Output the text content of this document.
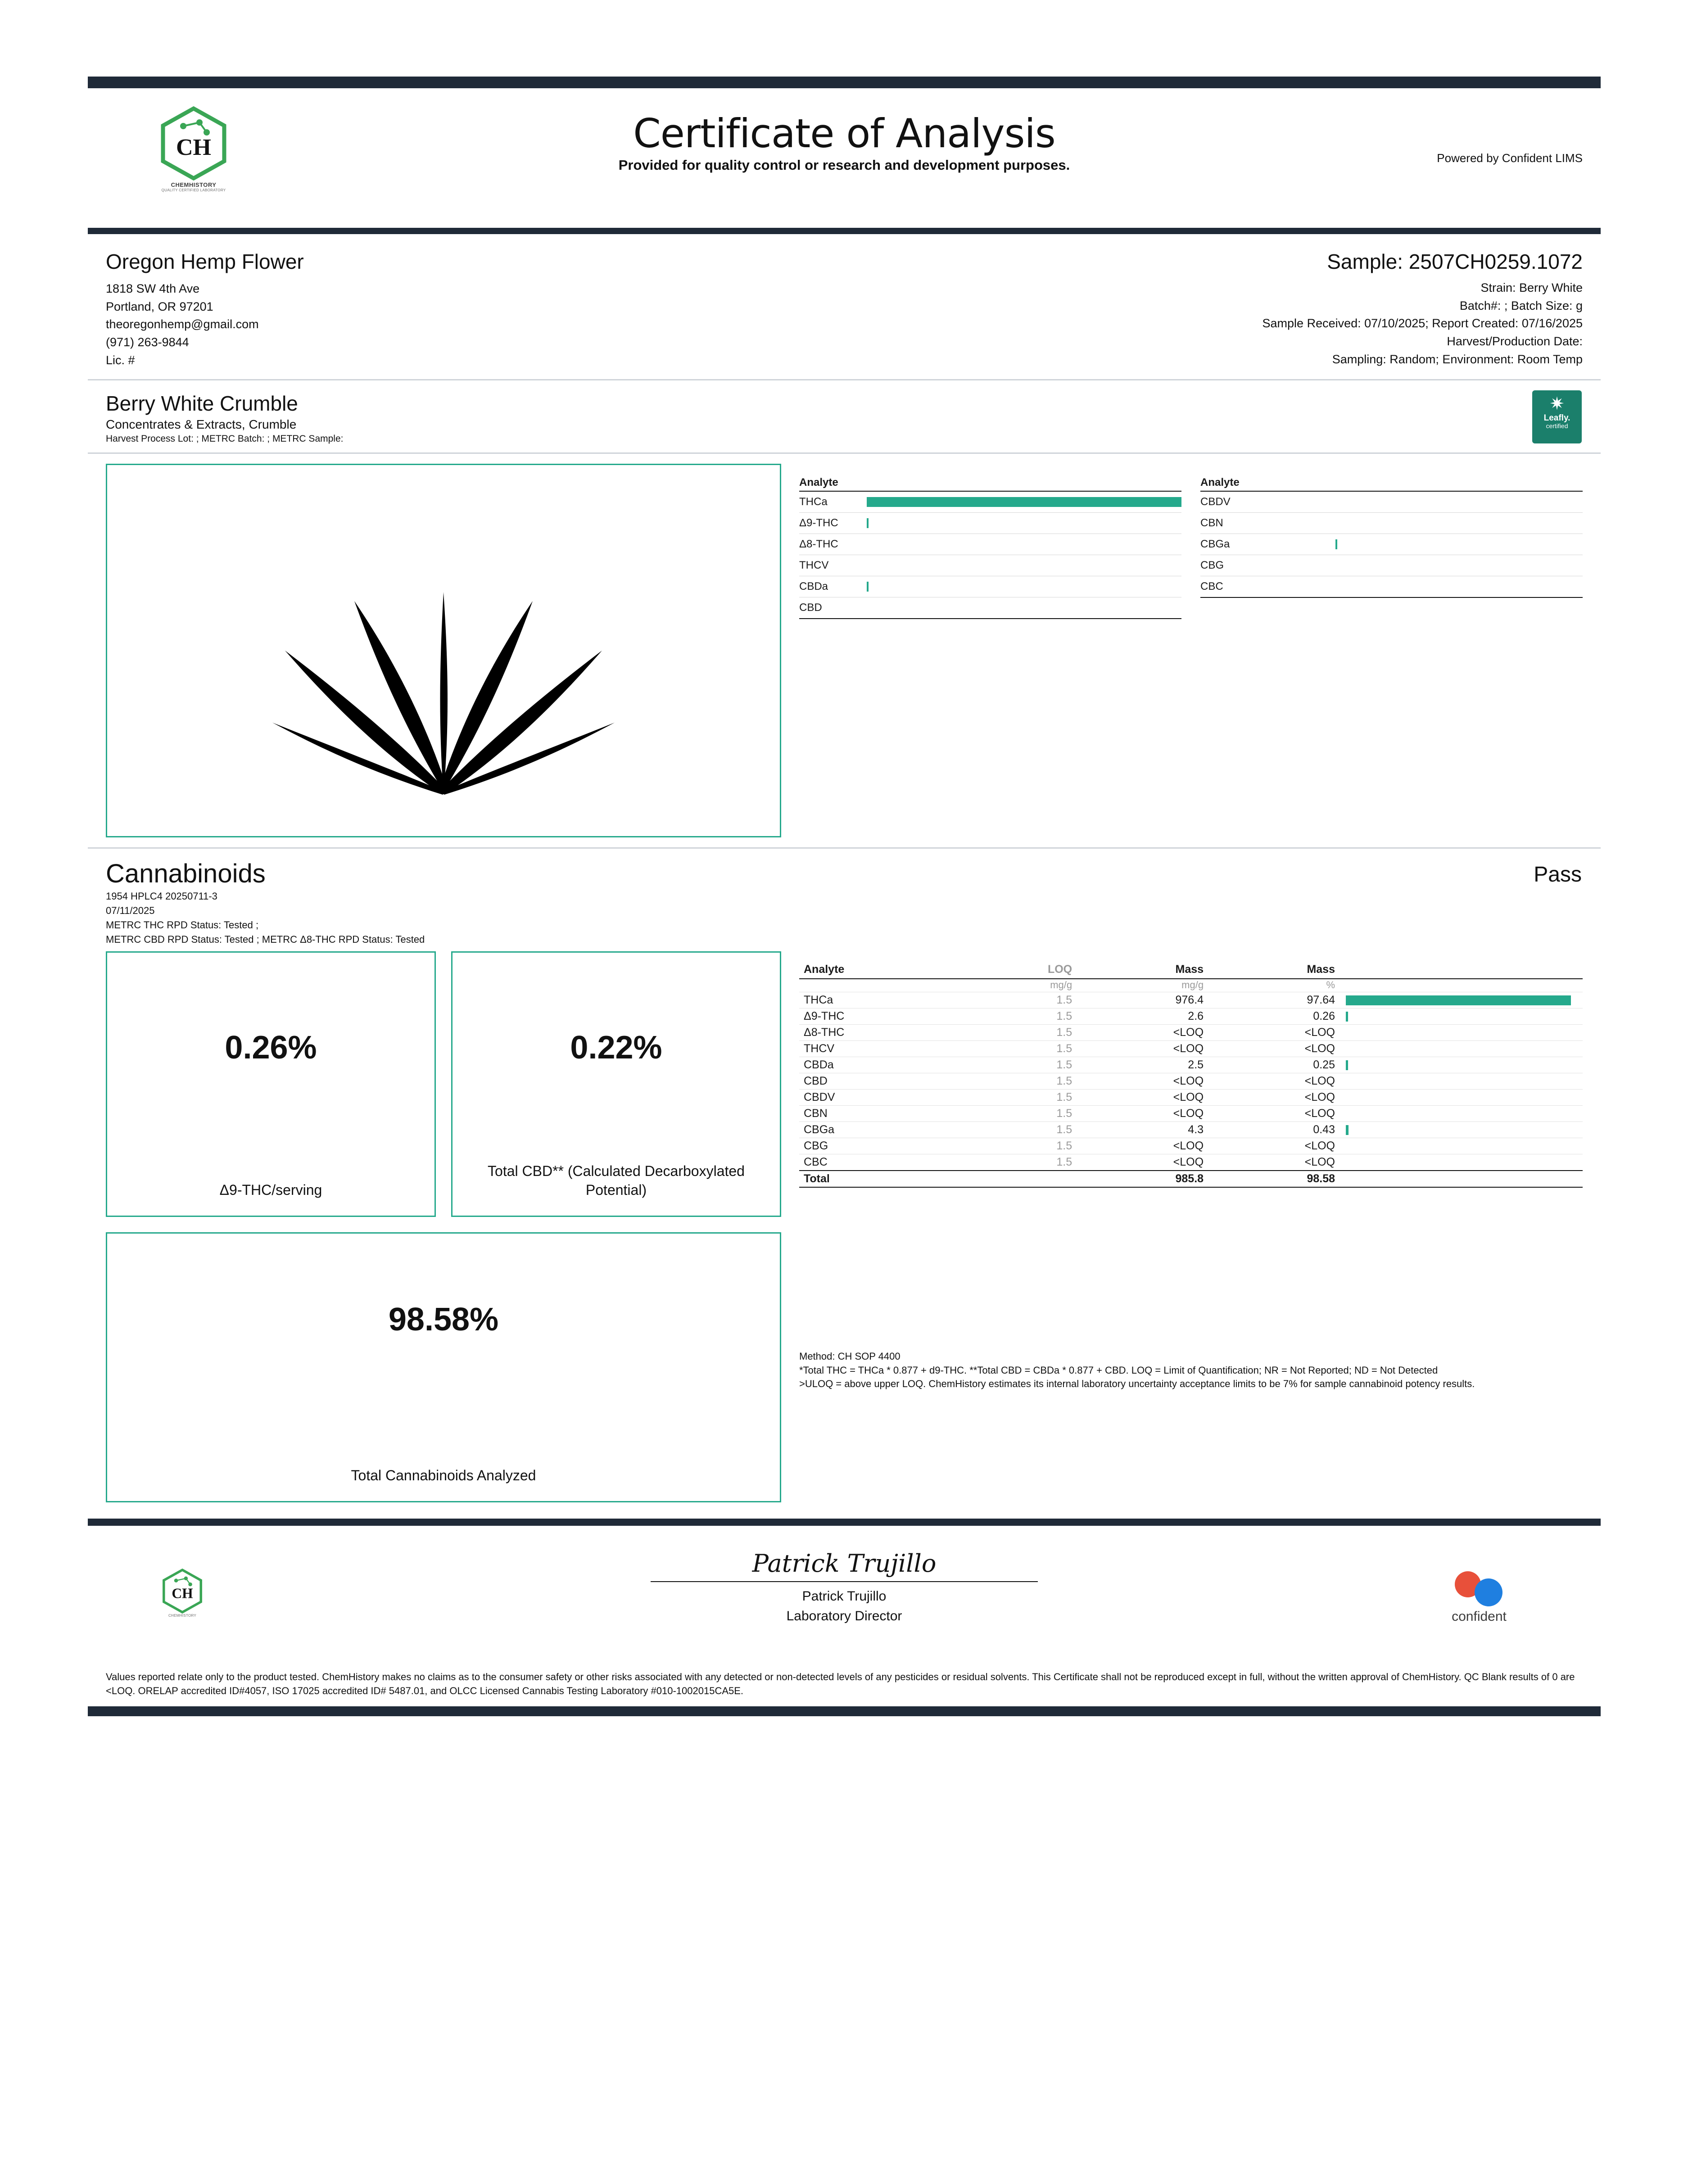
CH
CHEMHISTORY
QUALITY CERTIFIED LABORATORY
Certificate of Analysis
Provided for quality control or research and development purposes.	Powered by Confident LIMS
Oregon Hemp Flower
1818 SW 4th Ave
Portland, OR 97201
theoregonhemp@gmail.com
(971) 263-9844
Lic. #
Sample: 2507CH0259.1072
Strain: Berry White
Batch#: ; Batch Size: g
Sample Received: 07/10/2025; Report Created: 07/16/2025
Harvest/Production Date:
Sampling: Random; Environment: Room Temp
Berry White Crumble
Concentrates & Extracts, Crumble
Harvest Process Lot: ; METRC Batch: ; METRC Sample:
✷
Leafly.
certified
Analyte
THCa
Δ9-THC
Δ8-THC
THCV
CBDa
CBD
Analyte
CBDV
CBN
CBGa
CBG
CBC
Cannabinoids	Pass
1954 HPLC4 20250711-3
07/11/2025
METRC THC RPD Status: Tested ;
METRC CBD RPD Status: Tested ; METRC Δ8-THC RPD Status: Tested
0.26%
Δ9-THC/serving
0.22%
Total CBD** (Calculated Decarboxylated Potential)
98.58%
Total Cannabinoids Analyzed
Analyte	LOQ	Mass	Mass	
	mg/g	mg/g	%	
THCa	1.5	976.4	97.64	

Δ9-THC	1.5	2.6	0.26	

Δ8-THC	1.5	<LOQ	<LOQ	
THCV	1.5	<LOQ	<LOQ	
CBDa	1.5	2.5	0.25	

CBD	1.5	<LOQ	<LOQ	
CBDV	1.5	<LOQ	<LOQ	
CBN	1.5	<LOQ	<LOQ	
CBGa	1.5	4.3	0.43	

CBG	1.5	<LOQ	<LOQ	
CBC	1.5	<LOQ	<LOQ	
Total		985.8	98.58	
Method: CH SOP 4400
*Total THC = THCa * 0.877 + d9-THC. **Total CBD = CBDa * 0.877 + CBD. LOQ = Limit of Quantification; NR = Not Reported; ND = Not Detected
>ULOQ = above upper LOQ. ChemHistory estimates its internal laboratory uncertainty acceptance limits to be 7% for sample cannabinoid potency results.
CH
CHEMHISTORY
Patrick Trujillo
Patrick Trujillo
Laboratory Director	confident
Values reported relate only to the product tested. ChemHistory makes no claims as to the consumer safety or other risks associated with any detected or non-detected levels of any pesticides or residual solvents. This Certificate shall not be reproduced except in full, without the written approval of ChemHistory. QC Blank results of 0 are <LOQ. ORELAP accredited ID#4057, ISO 17025 accredited ID# 5487.01, and OLCC Licensed Cannabis Testing Laboratory #010-1002015CA5E.
